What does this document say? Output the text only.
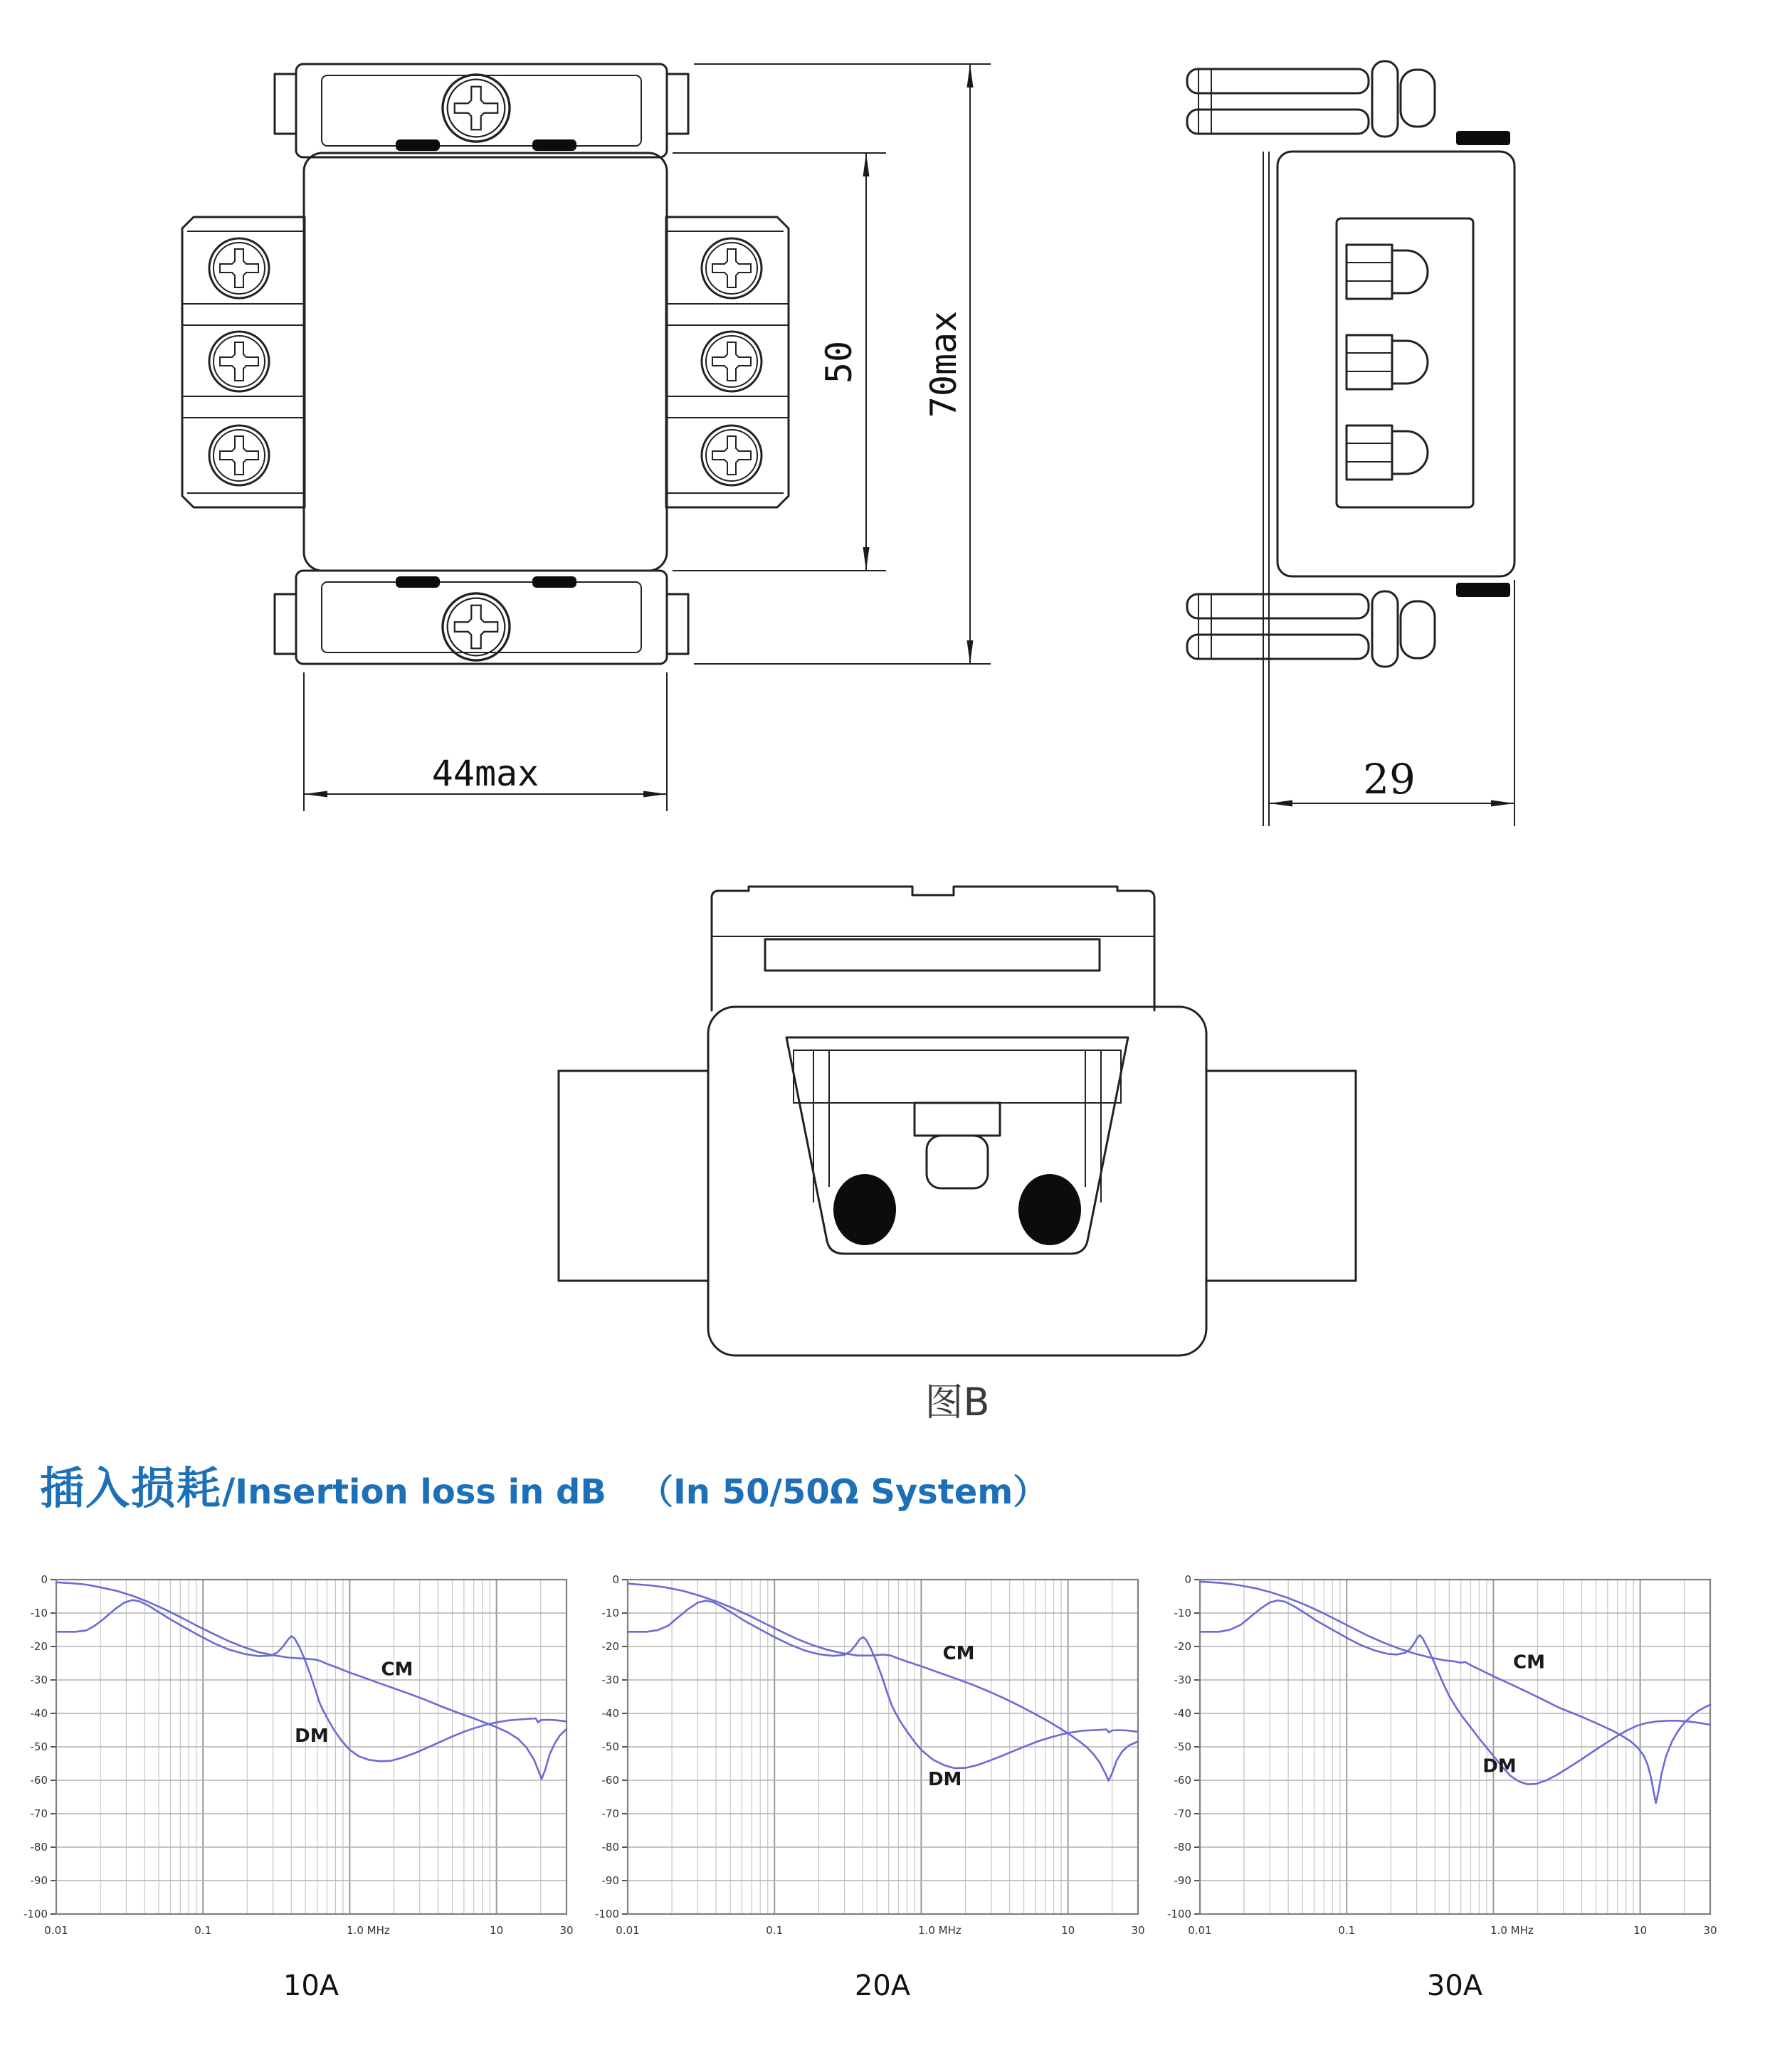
50 70max
44max	29
图B
插入损耗 / Insertion loss in dB （In 50/50Ω System）
0
-10
-20
-30
-40
-50
-60
-70
-80
-90
-100
0.01	0.1	1.0 MHz	10	30
CM
DM
0
-10
-20
-30
-40
-50
-60
-70
-80
-90
-100
0.01	0.1	1.0 MHz	10	30
CM
DM
0
-10
-20
-30
-40
-50
-60
-70
-80
-90
-100
0.01	0.1	1.0 MHz	10	30
CM
DM
10A	20A	30A
